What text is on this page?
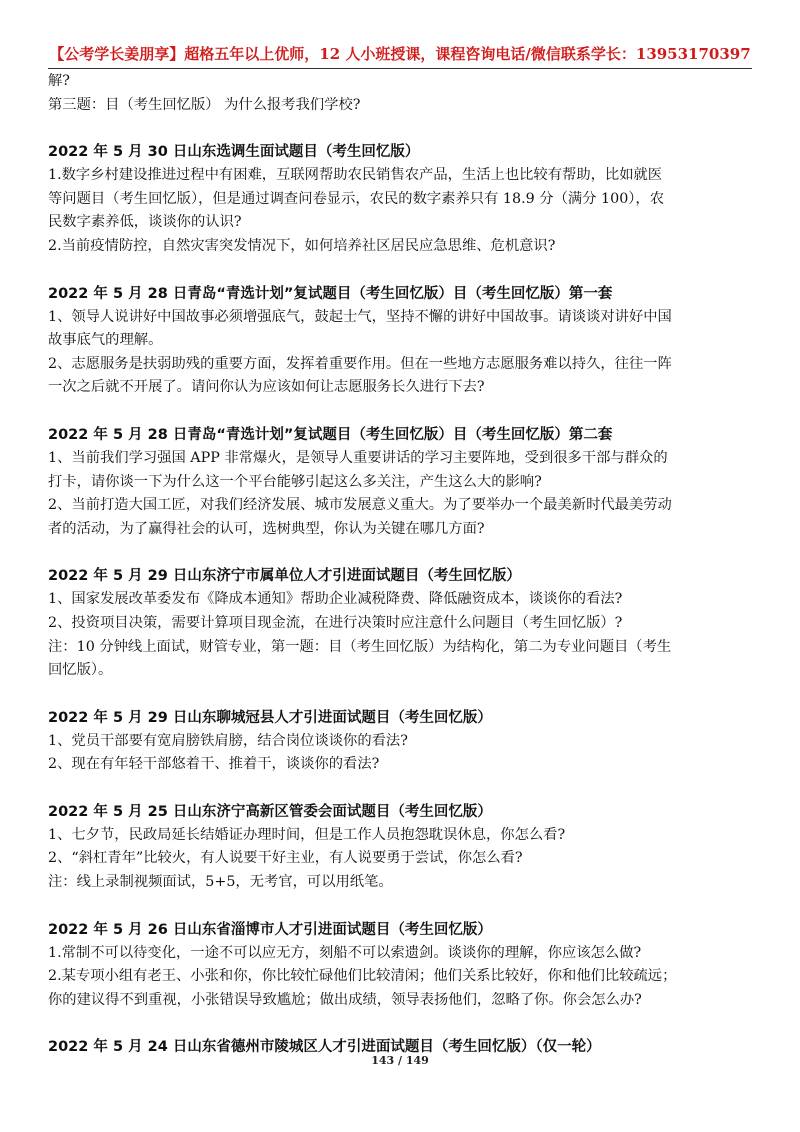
【公考学长姜朋享】超格五年以上优师，12 人小班授课，课程咨询电话/微信联系学长：13953170397
解?
第三题：目（考生回忆版） 为什么报考我们学校?
2022 年 5 月 30 日山东选调生面试题目（考生回忆版）
1.数字乡村建设推进过程中有困难，互联网帮助农民销售农产品，生活上也比较有帮助，比如就医
等问题目（考生回忆版），但是通过调查问卷显示，农民的数字素养只有 18.9 分（满分 100），农
民数字素养低，谈谈你的认识?
2.当前疫情防控，自然灾害突发情况下，如何培养社区居民应急思维、危机意识?
2022 年 5 月 28 日青岛“青选计划”复试题目（考生回忆版）目（考生回忆版）第一套
1、领导人说讲好中国故事必须增强底气，鼓起士气，坚持不懈的讲好中国故事。请谈谈对讲好中国
故事底气的理解。
2、志愿服务是扶弱助残的重要方面，发挥着重要作用。但在一些地方志愿服务难以持久，往往一阵
一次之后就不开展了。请问你认为应该如何让志愿服务长久进行下去?
2022 年 5 月 28 日青岛“青选计划”复试题目（考生回忆版）目（考生回忆版）第二套
1、当前我们学习强国 APP 非常爆火，是领导人重要讲话的学习主要阵地，受到很多干部与群众的
打卡，请你谈一下为什么这一个平台能够引起这么多关注，产生这么大的影响?
2、当前打造大国工匠，对我们经济发展、城市发展意义重大。为了要举办一个最美新时代最美劳动
者的活动，为了赢得社会的认可，选树典型，你认为关键在哪几方面?
2022 年 5 月 29 日山东济宁市属单位人才引进面试题目（考生回忆版）
1、国家发展改革委发布《降成本通知》帮助企业减税降费、降低融资成本，谈谈你的看法?
2、投资项目决策，需要计算项目现金流，在进行决策时应注意什么问题目（考生回忆版）?
注：10 分钟线上面试，财管专业，第一题：目（考生回忆版）为结构化，第二为专业问题目（考生
回忆版）。
2022 年 5 月 29 日山东聊城冠县人才引进面试题目（考生回忆版）
1、党员干部要有宽肩膀铁肩膀，结合岗位谈谈你的看法?
2、现在有年轻干部悠着干、推着干，谈谈你的看法?
2022 年 5 月 25 日山东济宁高新区管委会面试题目（考生回忆版）
1、七夕节，民政局延长结婚证办理时间，但是工作人员抱怨耽误休息，你怎么看?
2、“斜杠青年”比较火，有人说要干好主业，有人说要勇于尝试，你怎么看?
注：线上录制视频面试，5+5，无考官，可以用纸笔。
2022 年 5 月 26 日山东省淄博市人才引进面试题目（考生回忆版）
1.常制不可以待变化，一途不可以应无方，刻船不可以索遗剑。谈谈你的理解，你应该怎么做?
2.某专项小组有老王、小张和你，你比较忙碌他们比较清闲；他们关系比较好，你和他们比较疏远；
你的建议得不到重视，小张错误导致尴尬；做出成绩，领导表扬他们，忽略了你。你会怎么办?
2022 年 5 月 24 日山东省德州市陵城区人才引进面试题目（考生回忆版）（仅一轮）
143 / 149
